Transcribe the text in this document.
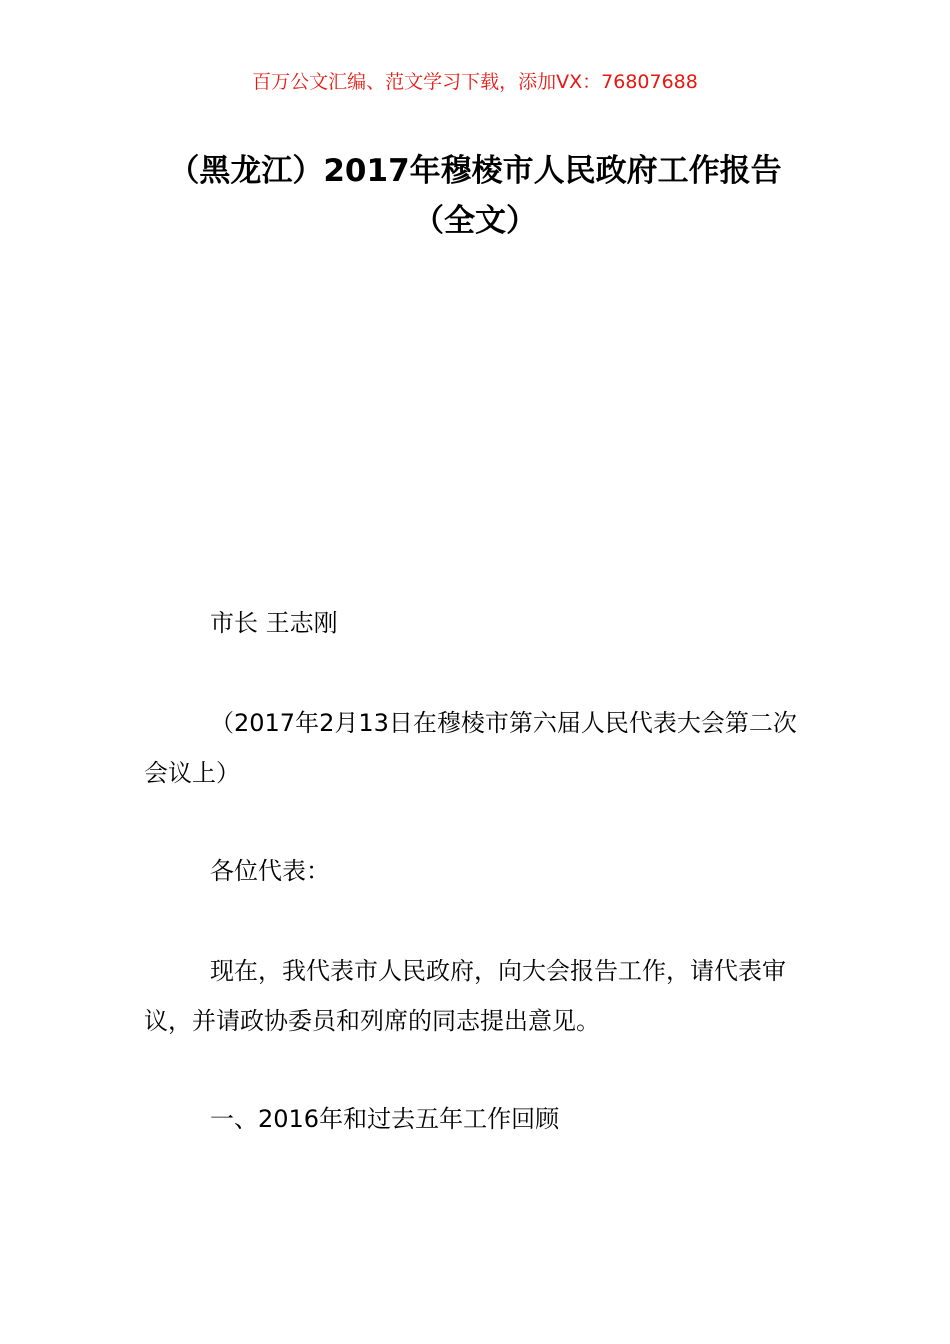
百万公文汇编、范文学习下载，添加VX：76807688
（黑龙江）2017年穆棱市人民政府工作报告（全文）

市长 王志刚

（2017年2月13日在穆棱市第六届人民代表大会第二次会议上）

各位代表：

现在，我代表市人民政府，向大会报告工作，请代表审议，并请政协委员和列席的同志提出意见。

一、2016年和过去五年工作回顾
